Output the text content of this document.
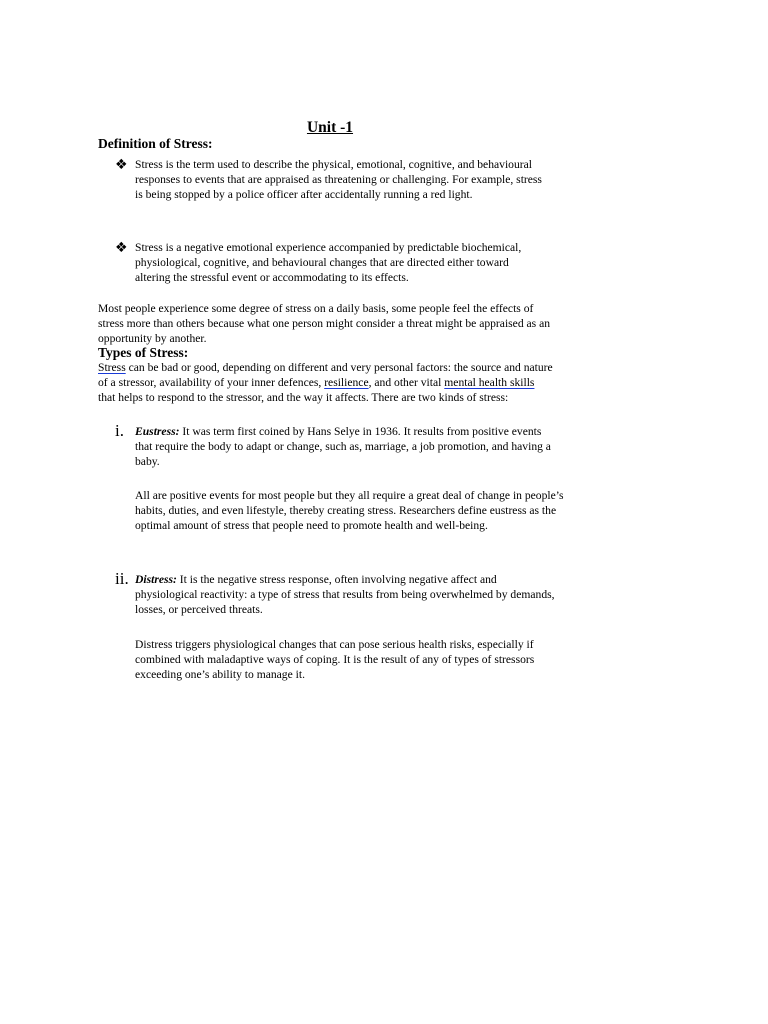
Unit -1
Definition of Stress:
❖ Stress is the term used to describe the physical, emotional, cognitive, and behavioural responses to events that are appraised as threatening or challenging. For example, stress is being stopped by a police officer after accidentally running a red light.
❖ Stress is a negative emotional experience accompanied by predictable biochemical, physiological, cognitive, and behavioural changes that are directed either toward altering the stressful event or accommodating to its effects.
Most people experience some degree of stress on a daily basis, some people feel the effects of stress more than others because what one person might consider a threat might be appraised as an opportunity by another.
Types of Stress:
Stress can be bad or good, depending on different and very personal factors: the source and nature of a stressor, availability of your inner defences, resilience, and other vital mental health skills that helps to respond to the stressor, and the way it affects. There are two kinds of stress:
i. Eustress: It was term first coined by Hans Selye in 1936. It results from positive events that require the body to adapt or change, such as, marriage, a job promotion, and having a baby.
All are positive events for most people but they all require a great deal of change in people’s habits, duties, and even lifestyle, thereby creating stress. Researchers define eustress as the optimal amount of stress that people need to promote health and well-being.
ii. Distress: It is the negative stress response, often involving negative affect and physiological reactivity: a type of stress that results from being overwhelmed by demands, losses, or perceived threats.
Distress triggers physiological changes that can pose serious health risks, especially if combined with maladaptive ways of coping. It is the result of any of types of stressors exceeding one’s ability to manage it.
